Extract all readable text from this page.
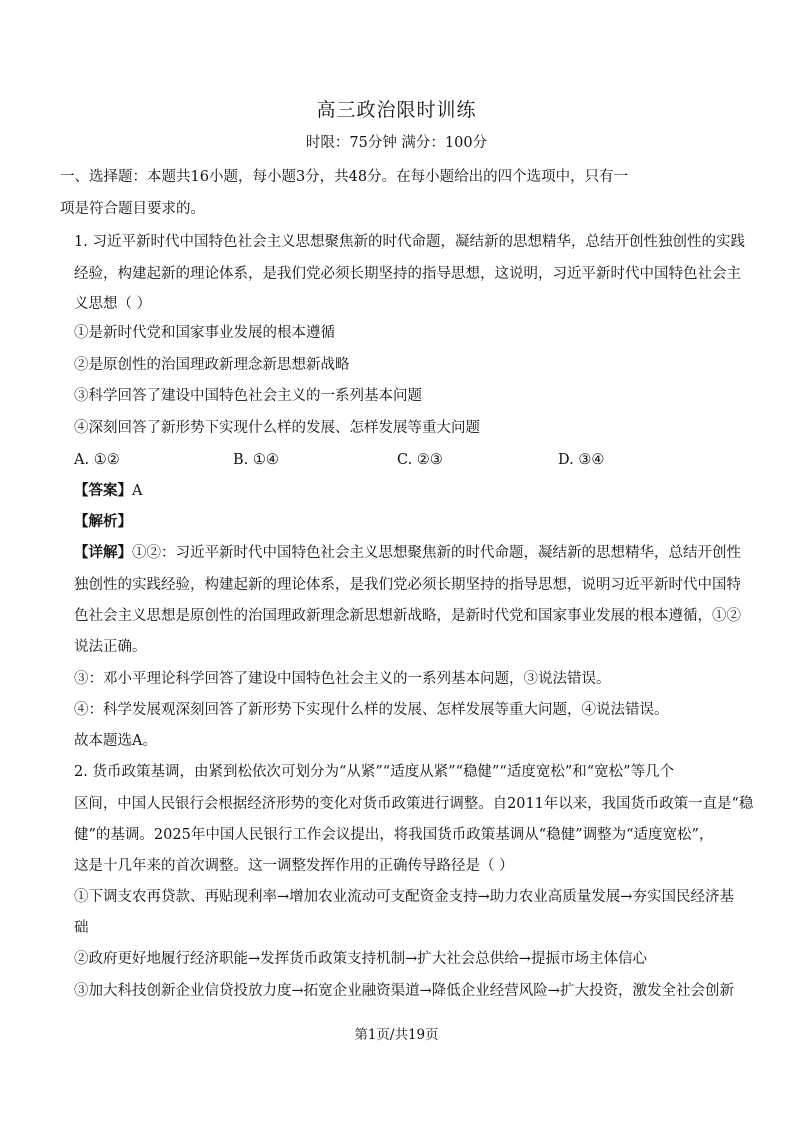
高三政治限时训练
时限：75分钟 满分：100分
一、选择题：本题共16小题，每小题3分，共48分。在每小题给出的四个选项中，只有一
项是符合题目要求的。
1. 习近平新时代中国特色社会主义思想聚焦新的时代命题，凝结新的思想精华，总结开创性独创性的实践
经验，构建起新的理论体系，是我们党必须长期坚持的指导思想，这说明，习近平新时代中国特色社会主
义思想（ ）
①是新时代党和国家事业发展的根本遵循
②是原创性的治国理政新理念新思想新战略
③科学回答了建设中国特色社会主义的一系列基本问题
④深刻回答了新形势下实现什么样的发展、怎样发展等重大问题
A. ①②	B. ①④	C. ②③	D. ③④
【答案】A
【解析】
【详解】①②：习近平新时代中国特色社会主义思想聚焦新的时代命题，凝结新的思想精华，总结开创性
独创性的实践经验，构建起新的理论体系，是我们党必须长期坚持的指导思想，说明习近平新时代中国特
色社会主义思想是原创性的治国理政新理念新思想新战略，是新时代党和国家事业发展的根本遵循，①②
说法正确。
③：邓小平理论科学回答了建设中国特色社会主义的一系列基本问题，③说法错误。
④：科学发展观深刻回答了新形势下实现什么样的发展、怎样发展等重大问题，④说法错误。
故本题选A。
2. 货币政策基调，由紧到松依次可划分为“从紧”“适度从紧”“稳健”“适度宽松”和“宽松”等几个
区间，中国人民银行会根据经济形势的变化对货币政策进行调整。自2011年以来，我国货币政策一直是“稳
健”的基调。2025年中国人民银行工作会议提出，将我国货币政策基调从“稳健”调整为“适度宽松”，
这是十几年来的首次调整。这一调整发挥作用的正确传导路径是（ ）
①下调支农再贷款、再贴现利率→增加农业流动可支配资金支持→助力农业高质量发展→夯实国民经济基
础
②政府更好地履行经济职能→发挥货币政策支持机制→扩大社会总供给→提振市场主体信心
③加大科技创新企业信贷投放力度→拓宽企业融资渠道→降低企业经营风险→扩大投资，激发全社会创新
第1页/共19页
